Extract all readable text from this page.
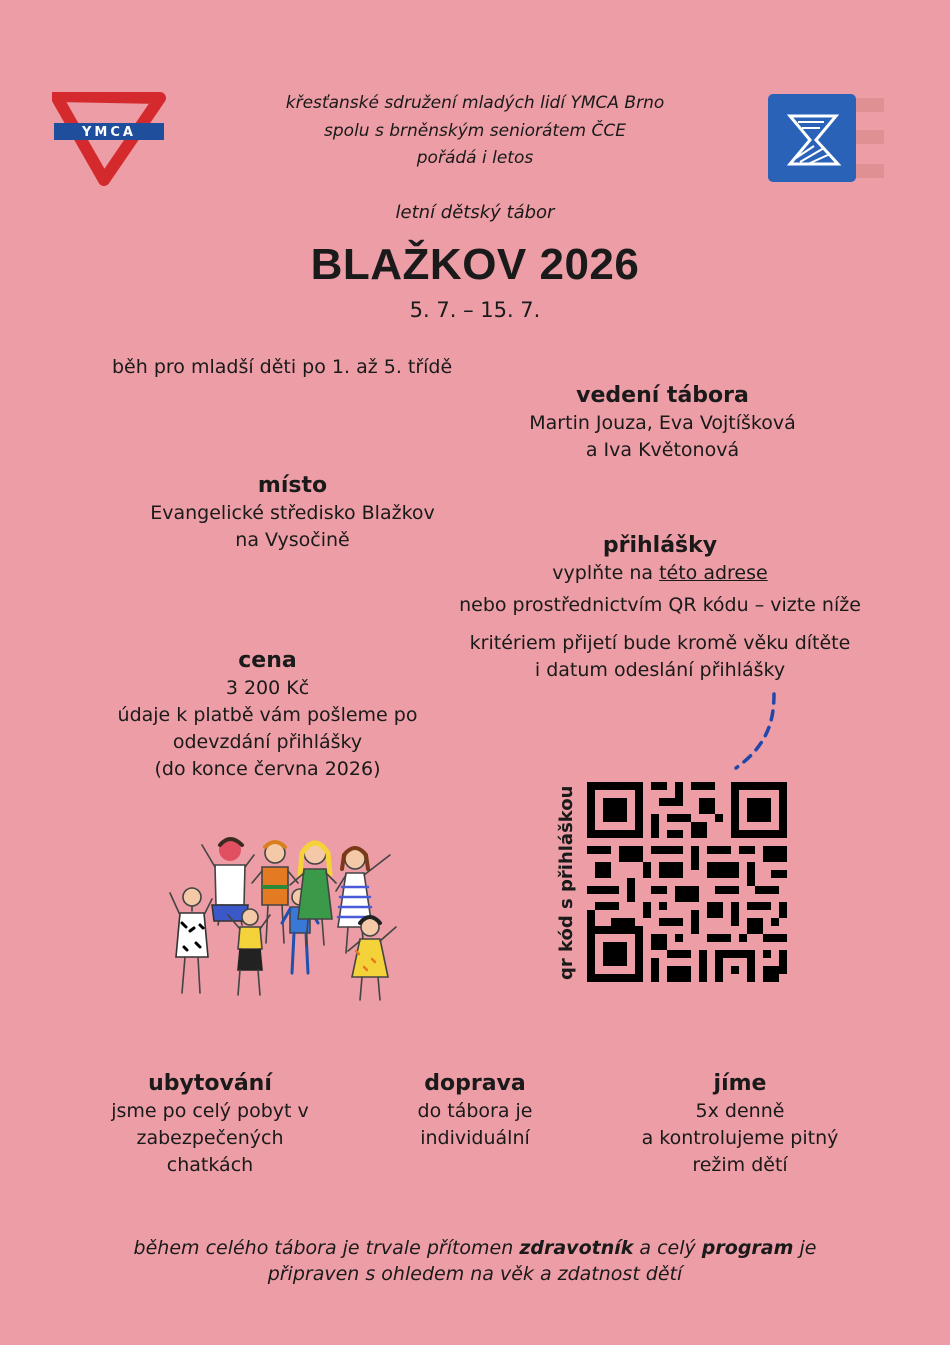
YMCA
křesťanské sdružení mladých lidí YMCA Brno
spolu s brněnským seniorátem ČCE
pořádá i letos
letní dětský tábor
BLAŽKOV 2026
5. 7. – 15. 7.
běh pro mladší děti po 1. až 5. třídě
vedení tábora
Martin Jouza, Eva Vojtíšková
a Iva Květonová
místo
Evangelické středisko Blažkov
na Vysočině	přihlášky
vyplňte na této adrese
nebo prostřednictvím QR kódu – vizte níže
kritériem přijetí bude kromě věku dítěte
i datum odeslání přihlášky
cena
3 200 Kč
údaje k platbě vám pošleme po
odevzdání přihlášky
(do konce června 2026)
qr kód s přihláškou
ubytování
jsme po celý pobyt v
zabezpečených
chatkách
doprava
do tábora je
individuální
jíme
5x denně
a kontrolujeme pitný
režim dětí
během celého tábora je trvale přítomen zdravotník a celý program je
připraven s ohledem na věk a zdatnost dětí
